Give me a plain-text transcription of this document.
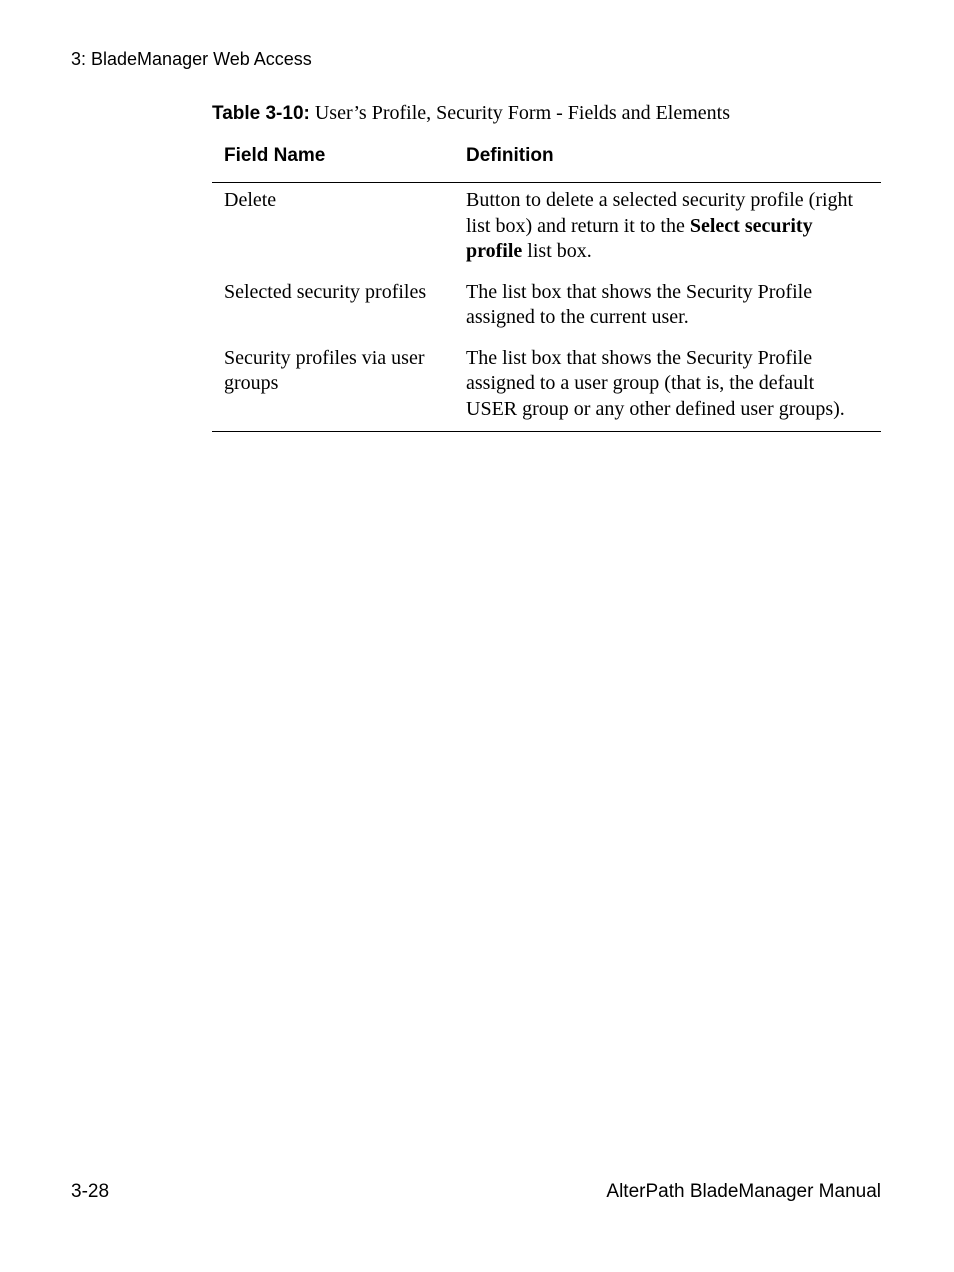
3: BladeManager Web Access
Table 3-10: User’s Profile, Security Form - Fields and Elements
Field Name	Definition
Delete	Button to delete a selected security profile (right list box) and return it to the Select security profile list box.
Selected security profiles	The list box that shows the Security Profile assigned to the current user.
Security profiles via user groups	The list box that shows the Security Profile assigned to a user group (that is, the default USER group or any other defined user groups).
3-28	AlterPath BladeManager Manual
